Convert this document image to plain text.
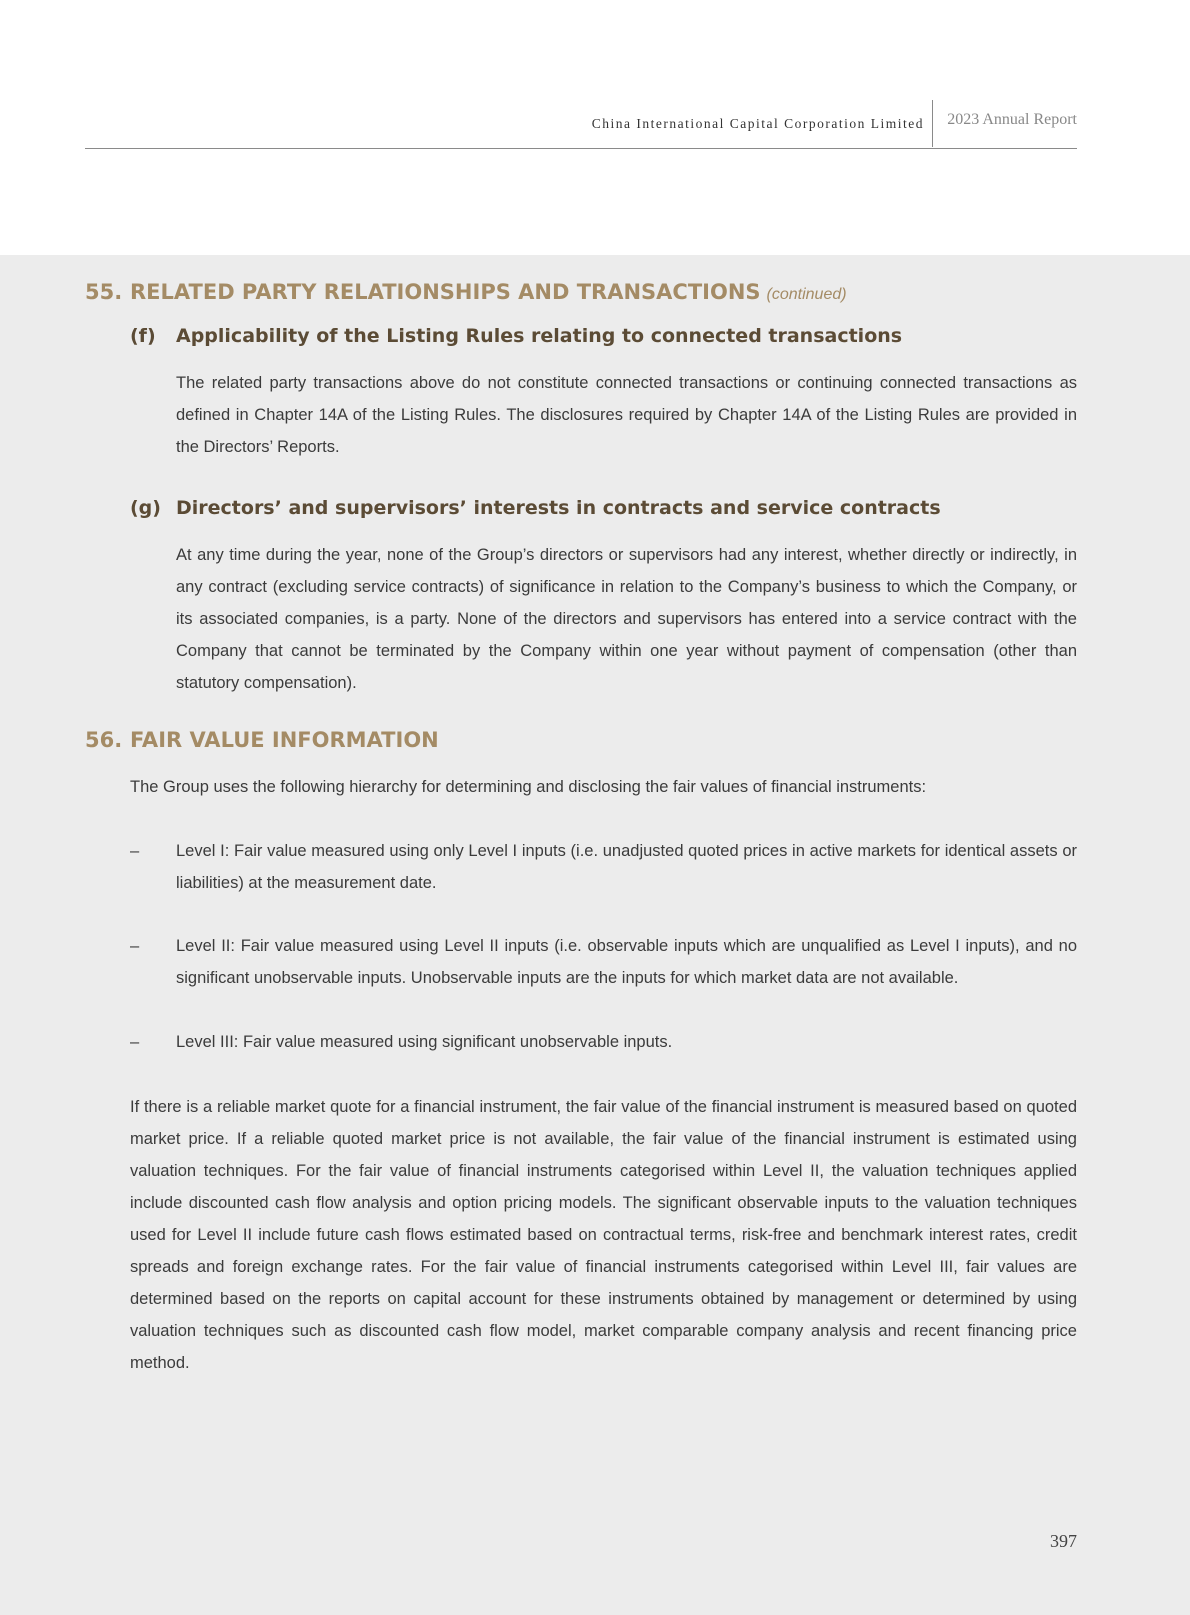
China International Capital Corporation Limited 2023 Annual Report
55. RELATED PARTY RELATIONSHIPS AND TRANSACTIONS (continued)
(f) Applicability of the Listing Rules relating to connected transactions

The related party transactions above do not constitute connected transactions or continuing connected transactions as defined in Chapter 14A of the Listing Rules. The disclosures required by Chapter 14A of the Listing Rules are provided in the Directors’ Reports.

(g) Directors’ and supervisors’ interests in contracts and service contracts

At any time during the year, none of the Group’s directors or supervisors had any interest, whether directly or indirectly, in any contract (excluding service contracts) of significance in relation to the Company’s business to which the Company, or its associated companies, is a party. None of the directors and supervisors has entered into a service contract with the Company that cannot be terminated by the Company within one year without payment of compensation (other than statutory compensation).

56. FAIR VALUE INFORMATION

The Group uses the following hierarchy for determining and disclosing the fair values of financial instruments:

– Level I: Fair value measured using only Level I inputs (i.e. unadjusted quoted prices in active markets for identical assets or liabilities) at the measurement date.

– Level II: Fair value measured using Level II inputs (i.e. observable inputs which are unqualified as Level I inputs), and no significant unobservable inputs. Unobservable inputs are the inputs for which market data are not available.

– Level III: Fair value measured using significant unobservable inputs.

If there is a reliable market quote for a financial instrument, the fair value of the financial instrument is measured based on quoted market price. If a reliable quoted market price is not available, the fair value of the financial instrument is estimated using valuation techniques. For the fair value of financial instruments categorised within Level II, the valuation techniques applied include discounted cash flow analysis and option pricing models. The significant observable inputs to the valuation techniques used for Level II include future cash flows estimated based on contractual terms, risk-free and benchmark interest rates, credit spreads and foreign exchange rates. For the fair value of financial instruments categorised within Level III, fair values are determined based on the reports on capital account for these instruments obtained by management or determined by using valuation techniques such as discounted cash flow model, market comparable company analysis and recent financing price method.

397
